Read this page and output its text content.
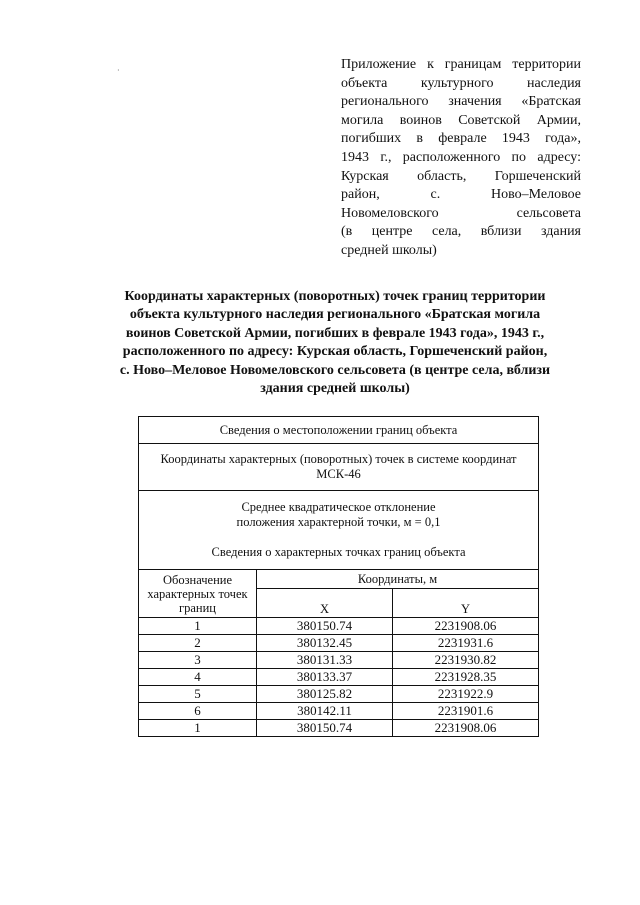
·	Приложение к границам территории
объекта культурного наследия
регионального значения «Братская
могила воинов Советской Армии,
погибших в феврале 1943 года»,
1943 г., расположенного по адресу:
Курская область, Горшеченский
район, с. Ново–Меловое
Новомеловского сельсовета
(в центре села, вблизи здания
средней школы)
Координаты характерных (поворотных) точек границ территории
объекта культурного наследия регионального «Братская могила
воинов Советской Армии, погибших в феврале 1943 года», 1943 г.,
расположенного по адресу: Курская область, Горшеченский район,
с. Ново–Меловое Новомеловского сельсовета (в центре села, вблизи
здания средней школы)
Сведения о местоположении границ объекта		
Координаты характерных (поворотных) точек в системе координат
МСК-46		
Среднее квадратическое отклонение
положения характерной точки, м = 0,1
Сведения о характерных точках границ объекта		
Обозначение
характерных точек
границ	Координаты, м	
	X	Y
1	380150.74	2231908.06
2	380132.45	2231931.6
3	380131.33	2231930.82
4	380133.37	2231928.35
5	380125.82	2231922.9
6	380142.11	2231901.6
1	380150.74	2231908.06
